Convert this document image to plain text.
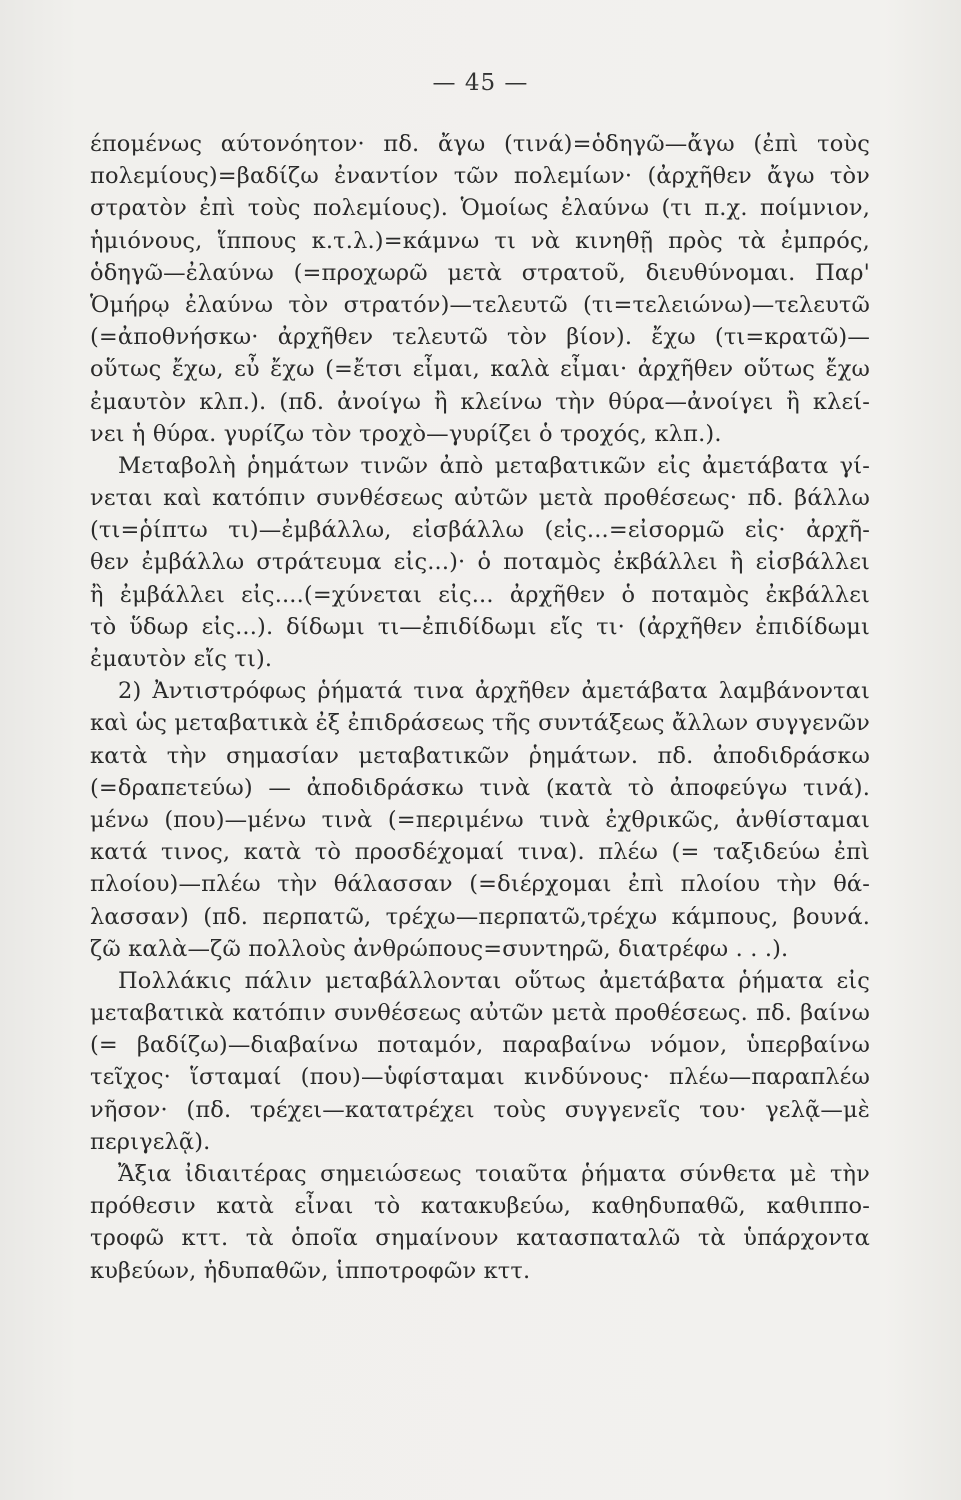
— 45 —
έπομένως αύτονόητον· πδ. ἄγω (τινά)=ὁδηγῶ—ἄγω (ἐπὶ τοὺς
πολεμίους)=βαδίζω ἐναντίον τῶν πολεμίων· (ἀρχῆθεν ἄγω τὸν
στρατὸν ἐπὶ τοὺς πολεμίους). Ὁμοίως ἐλαύνω (τι π.χ. ποίμνιον,
ἡμιόνους, ἵππους κ.τ.λ.)=κάμνω τι νὰ κινηθῇ πρὸς τὰ ἐμπρός,
ὁδηγῶ—ἐλαύνω (=προχωρῶ μετὰ στρατοῦ, διευθύνομαι. Παρ'
Ὁμήρῳ ἐλαύνω τὸν στρατόν)—τελευτῶ (τι=τελειώνω)—τελευτῶ
(=ἀποθνήσκω· ἀρχῆθεν τελευτῶ τὸν βίον). ἔχω (τι=κρατῶ)—
οὕτως ἔχω, εὖ ἔχω (=ἔτσι εἶμαι, καλὰ εἶμαι· ἀρχῆθεν οὕτως ἔχω
ἐμαυτὸν κλπ.). (πδ. ἀνοίγω ἢ κλείνω τὴν θύρα—ἀνοίγει ἢ κλεί-
νει ἡ θύρα. γυρίζω τὸν τροχὸ—γυρίζει ὁ τροχός, κλπ.).
Μεταβολὴ ῥημάτων τινῶν ἀπὸ μεταβατικῶν εἰς ἀμετάβατα γί-
νεται καὶ κατόπιν συνθέσεως αὐτῶν μετὰ προθέσεως· πδ. βάλλω
(τι=ῥίπτω τι)—ἐμβάλλω, εἰσβάλλω (εἰς...=εἰσορμῶ εἰς· ἀρχῆ-
θεν ἐμβάλλω στράτευμα εἰς...)· ὁ ποταμὸς ἐκβάλλει ἢ εἰσβάλλει
ἢ ἐμβάλλει εἰς....(=χύνεται εἰς... ἀρχῆθεν ὁ ποταμὸς ἐκβάλλει
τὸ ὕδωρ εἰς...). δίδωμι τι—ἐπιδίδωμι εἴς τι· (ἀρχῆθεν ἐπιδίδωμι
ἐμαυτὸν εἴς τι).
2) Ἀντιστρόφως ῥήματά τινα ἀρχῆθεν ἀμετάβατα λαμβάνονται
καὶ ὡς μεταβατικὰ ἐξ ἐπιδράσεως τῆς συντάξεως ἄλλων συγγενῶν
κατὰ τὴν σημασίαν μεταβατικῶν ῥημάτων. πδ. ἀποδιδράσκω
(=δραπετεύω) — ἀποδιδράσκω τινὰ (κατὰ τὸ ἀποφεύγω τινά).
μένω (που)—μένω τινὰ (=περιμένω τινὰ ἐχθρικῶς, ἀνθίσταμαι
κατά τινος, κατὰ τὸ προσδέχομαί τινα). πλέω (= ταξιδεύω ἐπὶ
πλοίου)—πλέω τὴν θάλασσαν (=διέρχομαι ἐπὶ πλοίου τὴν θά-
λασσαν) (πδ. περπατῶ, τρέχω—περπατῶ,τρέχω κάμπους, βουνά.
ζῶ καλὰ—ζῶ πολλοὺς ἀνθρώπους=συντηρῶ, διατρέφω . . .).
Πολλάκις πάλιν μεταβάλλονται οὕτως ἀμετάβατα ῥήματα εἰς
μεταβατικὰ κατόπιν συνθέσεως αὐτῶν μετὰ προθέσεως. πδ. βαίνω
(= βαδίζω)—διαβαίνω ποταμόν, παραβαίνω νόμον, ὑπερβαίνω
τεῖχος· ἵσταμαί (που)—ὑφίσταμαι κινδύνους· πλέω—παραπλέω
νῆσον· (πδ. τρέχει—κατατρέχει τοὺς συγγενεῖς του· γελᾷ—μὲ
περιγελᾷ).
Ἄξια ἰδιαιτέρας σημειώσεως τοιαῦτα ῥήματα σύνθετα μὲ τὴν
πρόθεσιν κατὰ εἶναι τὸ κατακυβεύω, καθηδυπαθῶ, καθιππο-
τροφῶ κττ. τὰ ὁποῖα σημαίνουν κατασπαταλῶ τὰ ὑπάρχοντα
κυβεύων, ἡδυπαθῶν, ἱπποτροφῶν κττ.
